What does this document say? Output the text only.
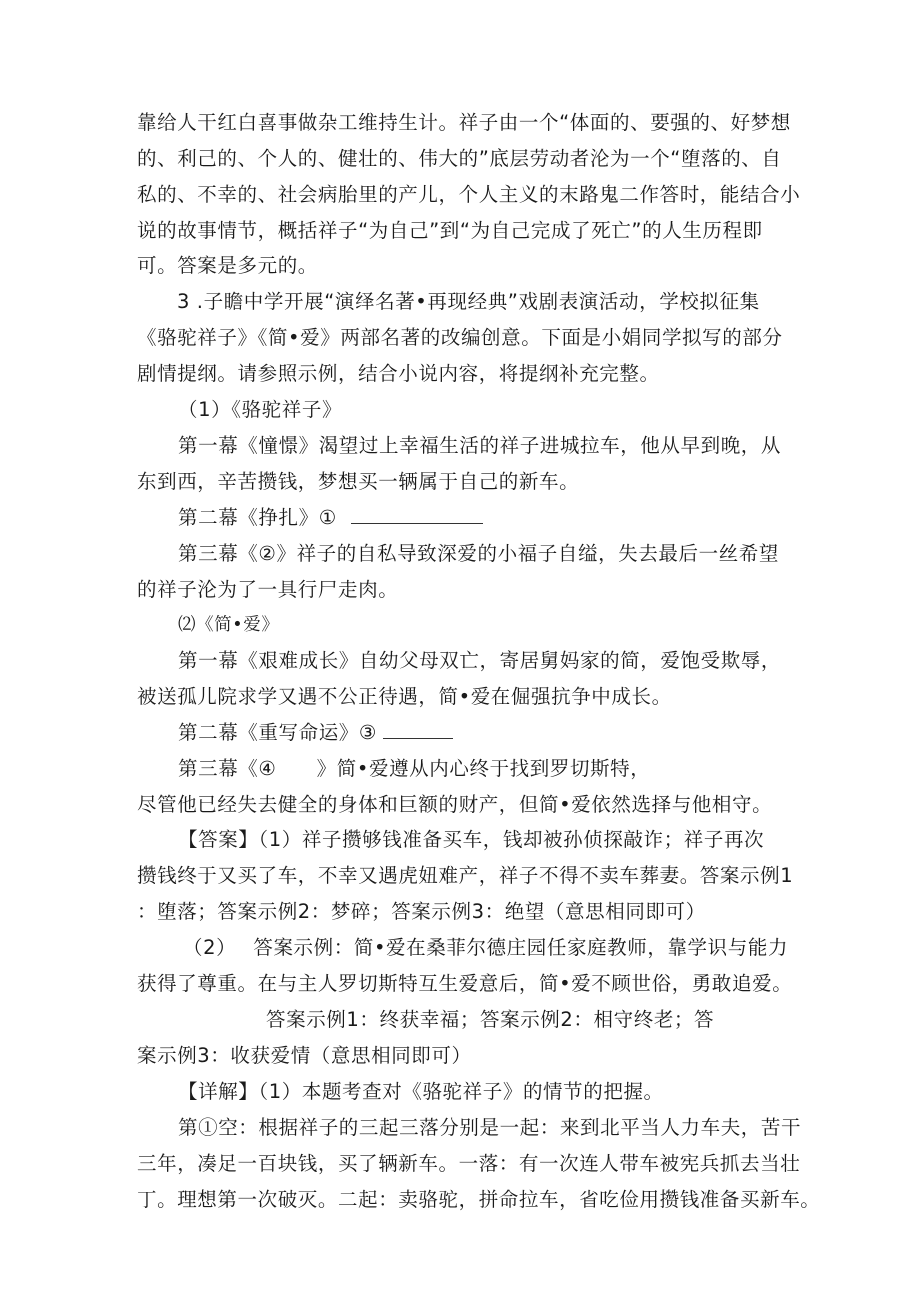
靠给人干红白喜事做杂工维持生计。祥子由一个“体面的、要强的、好梦想
的、利己的、个人的、健壮的、伟大的”底层劳动者沦为一个“堕落的、自
私的、不幸的、社会病胎里的产儿，个人主义的末路鬼二作答时，能结合小
说的故事情节，概括祥子“为自己”到“为自己完成了死亡”的人生历程即
可。答案是多元的。
3 .子瞻中学开展“演绎名著•再现经典”戏剧表演活动，学校拟征集
《骆驼祥子》《简•爱》两部名著的改编创意。下面是小娟同学拟写的部分
剧情提纲。请参照示例，结合小说内容，将提纲补充完整。
（1）《骆驼祥子》
第一幕《憧憬》渴望过上幸福生活的祥子进城拉车，他从早到晚，从
东到西，辛苦攒钱，梦想买一辆属于自己的新车。
第二幕《挣扎》①
第三幕《②》祥子的自私导致深爱的小福子自缢，失去最后一丝希望
的祥子沦为了一具行尸走肉。
⑵《简•爱》
第一幕《艰难成长》自幼父母双亡，寄居舅妈家的简，爱饱受欺辱，
被送孤儿院求学又遇不公正待遇，简•爱在倔强抗争中成长。
第二幕《重写命运》③
第三幕《④　　》简•爱遵从内心终于找到罗切斯特，
尽管他已经失去健全的身体和巨额的财产，但简•爱依然选择与他相守。
【答案】（1）祥子攒够钱准备买车，钱却被孙侦探敲诈；祥子再次
攒钱终于又买了车，不幸又遇虎妞难产，祥子不得不卖车葬妻。答案示例1
：堕落；答案示例2：梦碎；答案示例3：绝望（意思相同即可）
（2）　 答案示例：简•爱在桑菲尔德庄园任家庭教师，靠学识与能力
获得了尊重。在与主人罗切斯特互生爱意后，简•爱不顾世俗，勇敢追爱。
答案示例1：终获幸福；答案示例2：相守终老；答
案示例3：收获爱情（意思相同即可）
【详解】（1）本题考查对《骆驼祥子》的情节的把握。
第①空：根据祥子的三起三落分别是一起：来到北平当人力车夫，苦干
三年，凑足一百块钱，买了辆新车。一落：有一次连人带车被宪兵抓去当壮
丁。理想第一次破灭。二起：卖骆驼，拼命拉车，省吃俭用攒钱准备买新车。
